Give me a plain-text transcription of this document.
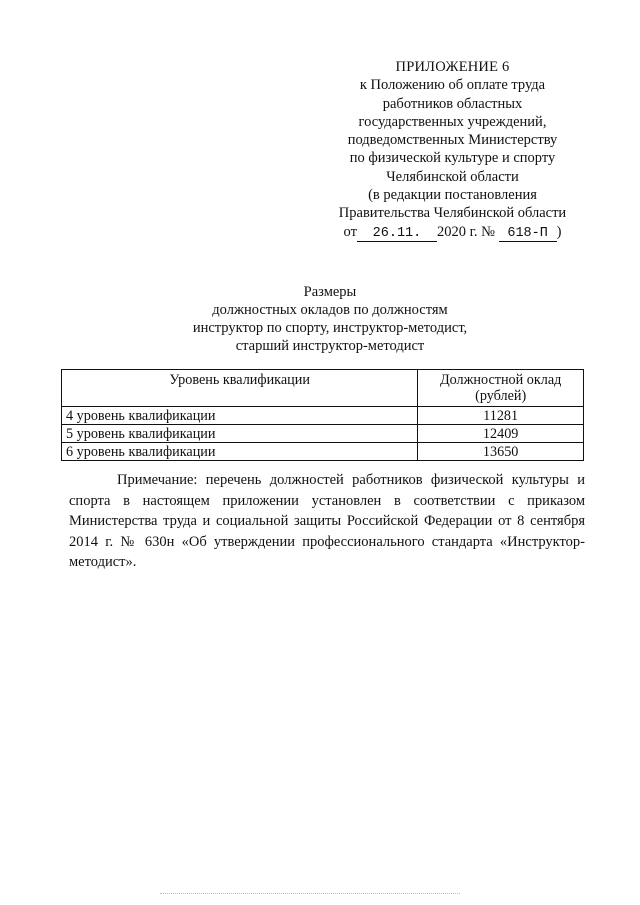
ПРИЛОЖЕНИЕ 6
к Положению об оплате труда
работников областных
государственных учреждений,
подведомственных Министерству
по физической культуре и спорту
Челябинской области
(в редакции постановления
Правительства Челябинской области
от 26.11. 2020 г. № 618-П )
Размеры
должностных окладов по должностям
инструктор по спорту, инструктор-методист,
старший инструктор-методист
Уровень квалификации	Должностной оклад
(рублей)

4 уровень квалификации	11281
5 уровень квалификации	12409
6 уровень квалификации	13650
Примечание: перечень должностей работников физической культуры и спорта в настоящем приложении установлен в соответствии с приказом Министерства труда и социальной защиты Российской Федерации от 8 сентября 2014 г. № 630н «Об утверждении профессионального стандарта «Инструктор-методист».
